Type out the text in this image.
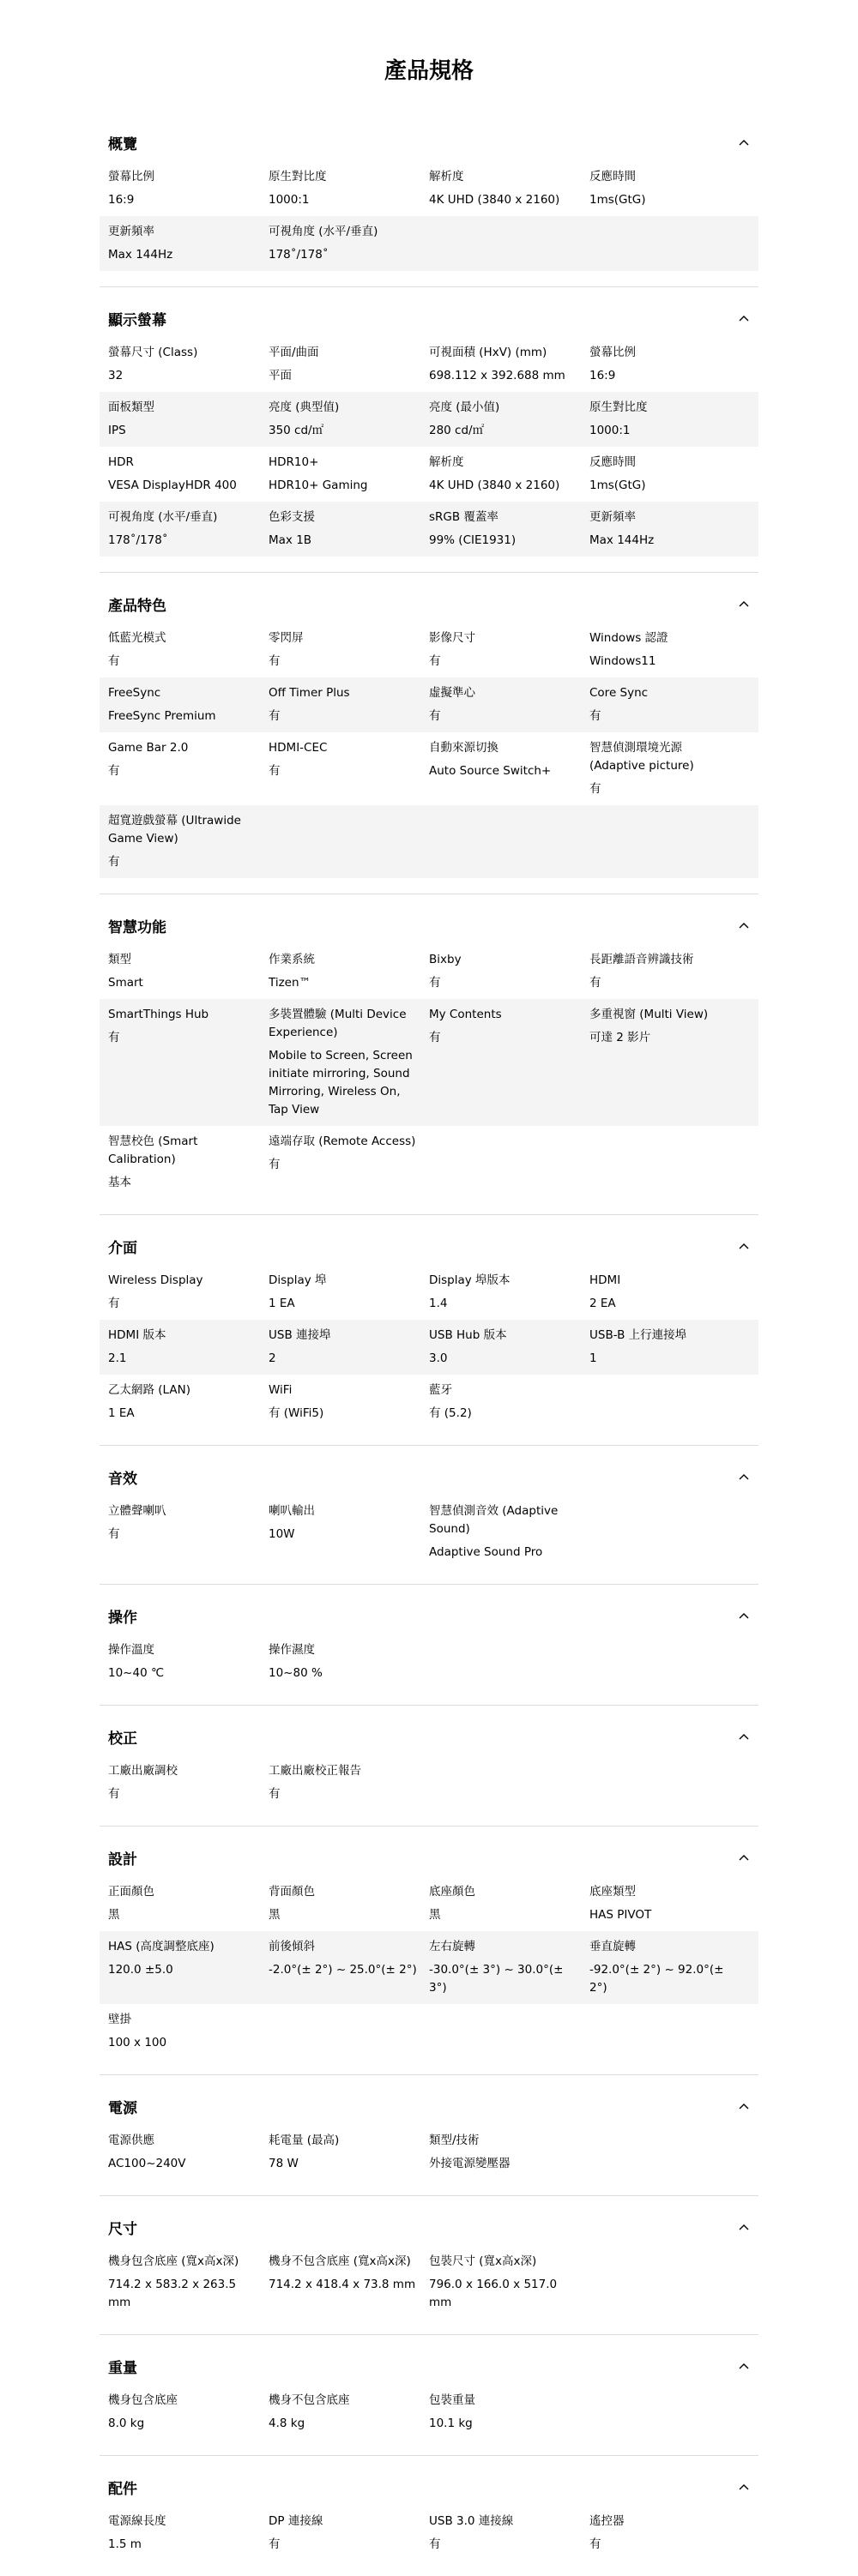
產品規格
概覽
螢幕比例
16:9
原生對比度
1000:1
解析度
4K UHD (3840 x 2160)
反應時間
1ms(GtG)
更新頻率
Max 144Hz
可視角度 (水平/垂直)
178˚/178˚
顯示螢幕
螢幕尺寸 (Class)
32
平面/曲面
平面
可視面積 (HxV) (mm)
698.112 x 392.688 mm
螢幕比例
16:9
面板類型
IPS
亮度 (典型值)
350 cd/㎡
亮度 (最小值)
280 cd/㎡
原生對比度
1000:1
HDR
VESA DisplayHDR 400
HDR10+
HDR10+ Gaming
解析度
4K UHD (3840 x 2160)
反應時間
1ms(GtG)
可視角度 (水平/垂直)
178˚/178˚
色彩支援
Max 1B
sRGB 覆蓋率
99% (CIE1931)
更新頻率
Max 144Hz
產品特色
低藍光模式
有
零閃屏
有
影像尺寸
有
Windows 認證
Windows11
FreeSync
FreeSync Premium
Off Timer Plus
有
虛擬準心
有
Core Sync
有
Game Bar 2.0
有
HDMI-CEC
有
自動來源切換
Auto Source Switch+
智慧偵測環境光源 (Adaptive picture)
有
超寬遊戲螢幕 (Ultrawide Game View)
有
智慧功能
類型
Smart
作業系統
Tizen™
Bixby
有
長距離語音辨識技術
有
SmartThings Hub
有
多裝置體驗 (Multi Device Experience)
Mobile to Screen, Screen initiate mirroring, Sound Mirroring, Wireless On, Tap View
My Contents
有
多重視窗 (Multi View)
可達 2 影片
智慧校色 (Smart Calibration)
基本
遠端存取 (Remote Access)
有
介面
Wireless Display
有
Display 埠
1 EA
Display 埠版本
1.4
HDMI
2 EA
HDMI 版本
2.1
USB 連接埠
2
USB Hub 版本
3.0
USB-B 上行連接埠
1
乙太網路 (LAN)
1 EA
WiFi
有 (WiFi5)
藍牙
有 (5.2)
音效
立體聲喇叭
有
喇叭輸出
10W
智慧偵測音效 (Adaptive Sound)
Adaptive Sound Pro
操作
操作溫度
10~40 ℃
操作濕度
10~80 %
校正
工廠出廠調校
有
工廠出廠校正報告
有
設計
正面顏色
黑
背面顏色
黑
底座顏色
黑
底座類型
HAS PIVOT
HAS (高度調整底座)
120.0 ±5.0
前後傾斜
-2.0°(± 2°) ~ 25.0°(± 2°)
左右旋轉
-30.0°(± 3°) ~ 30.0°(± 3°)
垂直旋轉
-92.0°(± 2°) ~ 92.0°(± 2°)
壁掛
100 x 100
電源
電源供應
AC100~240V
耗電量 (最高)
78 W
類型/技術
外接電源變壓器
尺寸
機身包含底座 (寬x高x深)
714.2 x 583.2 x 263.5 mm
機身不包含底座 (寬x高x深)
714.2 x 418.4 x 73.8 mm
包裝尺寸 (寬x高x深)
796.0 x 166.0 x 517.0 mm
重量
機身包含底座
8.0 kg
機身不包含底座
4.8 kg
包裝重量
10.1 kg
配件
電源線長度
1.5 m
DP 連接線
有
USB 3.0 連接線
有
遙控器
有
